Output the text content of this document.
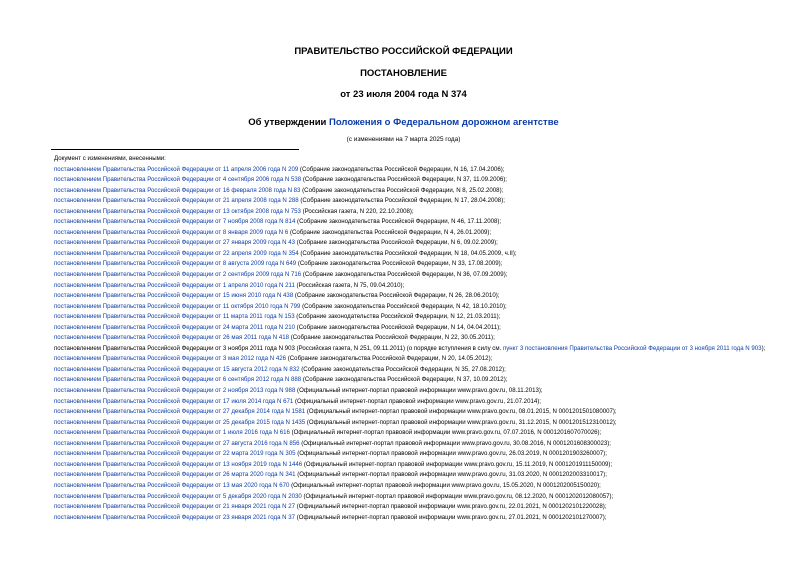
ПРАВИТЕЛЬСТВО РОССИЙСКОЙ ФЕДЕРАЦИИ
ПОСТАНОВЛЕНИЕ
от 23 июля 2004 года N 374
Об утверждении Положения о Федеральном дорожном агентстве
(с изменениями на 7 марта 2025 года)
Документ с изменениями, внесенными:
постановлением Правительства Российской Федерации от 11 апреля 2006 года N 209 (Собрание законодательства Российской Федерации, N 16, 17.04.2006);
постановлением Правительства Российской Федерации от 4 сентября 2006 года N 538 (Собрание законодательства Российской Федерации, N 37, 11.09.2006);
постановлением Правительства Российской Федерации от 16 февраля 2008 года N 83 (Собрание законодательства Российской Федерации, N 8, 25.02.2008);
постановлением Правительства Российской Федерации от 21 апреля 2008 года N 288 (Собрание законодательства Российской Федерации, N 17, 28.04.2008);
постановлением Правительства Российской Федерации от 13 октября 2008 года N 753 (Российская газета, N 220, 22.10.2008);
постановлением Правительства Российской Федерации от 7 ноября 2008 года N 814 (Собрание законодательства Российской Федерации, N 46, 17.11.2008);
постановлением Правительства Российской Федерации от 8 января 2009 года N 6 (Собрание законодательства Российской Федерации, N 4, 26.01.2009);
постановлением Правительства Российской Федерации от 27 января 2009 года N 43 (Собрание законодательства Российской Федерации, N 6, 09.02.2009);
постановлением Правительства Российской Федерации от 22 апреля 2009 года N 354 (Собрание законодательства Российской Федерации, N 18, 04.05.2009, ч.II);
постановлением Правительства Российской Федерации от 8 августа 2009 года N 649 (Собрание законодательства Российской Федерации, N 33, 17.08.2009);
постановлением Правительства Российской Федерации от 2 сентября 2009 года N 716 (Собрание законодательства Российской Федерации, N 36, 07.09.2009);
постановлением Правительства Российской Федерации от 1 апреля 2010 года N 211 (Российская газета, N 75, 09.04.2010);
постановлением Правительства Российской Федерации от 15 июня 2010 года N 438 (Собрание законодательства Российской Федерации, N 26, 28.06.2010);
постановлением Правительства Российской Федерации от 11 октября 2010 года N 799 (Собрание законодательства Российской Федерации, N 42, 18.10.2010);
постановлением Правительства Российской Федерации от 11 марта 2011 года N 153 (Собрание законодательства Российской Федерации, N 12, 21.03.2011);
постановлением Правительства Российской Федерации от 24 марта 2011 года N 210 (Собрание законодательства Российской Федерации, N 14, 04.04.2011);
постановлением Правительства Российской Федерации от 26 мая 2011 года N 418 (Собрание законодательства Российской Федерации, N 22, 30.05.2011);
постановлением Правительства Российской Федерации от 3 ноября 2011 года N 903 (Российская газета, N 251, 09.11.2011) (о порядке вступления в силу см. пункт 3 постановления Правительства Российской Федерации от 3 ноября 2011 года N 903);
постановлением Правительства Российской Федерации от 3 мая 2012 года N 426 (Собрание законодательства Российской Федерации, N 20, 14.05.2012);
постановлением Правительства Российской Федерации от 15 августа 2012 года N 832 (Собрание законодательства Российской Федерации, N 35, 27.08.2012);
постановлением Правительства Российской Федерации от 6 сентября 2012 года N 888 (Собрание законодательства Российской Федерации, N 37, 10.09.2012);
постановлением Правительства Российской Федерации от 2 ноября 2013 года N 988 (Официальный интернет-портал правовой информации www.pravo.gov.ru, 08.11.2013);
постановлением Правительства Российской Федерации от 17 июля 2014 года N 671 (Официальный интернет-портал правовой информации www.pravo.gov.ru, 21.07.2014);
постановлением Правительства Российской Федерации от 27 декабря 2014 года N 1581 (Официальный интернет-портал правовой информации www.pravo.gov.ru, 08.01.2015, N 0001201501080007);
постановлением Правительства Российской Федерации от 25 декабря 2015 года N 1435 (Официальный интернет-портал правовой информации www.pravo.gov.ru, 31.12.2015, N 0001201512310012);
постановлением Правительства Российской Федерации от 1 июля 2016 года N 616 (Официальный интернет-портал правовой информации www.pravo.gov.ru, 07.07.2016, N 0001201607070026);
постановлением Правительства Российской Федерации от 27 августа 2016 года N 856 (Официальный интернет-портал правовой информации www.pravo.gov.ru, 30.08.2016, N 0001201608300023);
постановлением Правительства Российской Федерации от 22 марта 2019 года N 305 (Официальный интернет-портал правовой информации www.pravo.gov.ru, 26.03.2019, N 0001201903260007);
постановлением Правительства Российской Федерации от 13 ноября 2019 года N 1446 (Официальный интернет-портал правовой информации www.pravo.gov.ru, 15.11.2019, N 0001201911150009);
постановлением Правительства Российской Федерации от 26 марта 2020 года N 341 (Официальный интернет-портал правовой информации www.pravo.gov.ru, 31.03.2020, N 0001202003310017);
постановлением Правительства Российской Федерации от 13 мая 2020 года N 670 (Официальный интернет-портал правовой информации www.pravo.gov.ru, 15.05.2020, N 0001202005150020);
постановлением Правительства Российской Федерации от 5 декабря 2020 года N 2030 (Официальный интернет-портал правовой информации www.pravo.gov.ru, 08.12.2020, N 0001202012080057);
постановлением Правительства Российской Федерации от 21 января 2021 года N 27 (Официальный интернет-портал правовой информации www.pravo.gov.ru, 22.01.2021, N 0001202101220028);
постановлением Правительства Российской Федерации от 23 января 2021 года N 37 (Официальный интернет-портал правовой информации www.pravo.gov.ru, 27.01.2021, N 0001202101270007);
